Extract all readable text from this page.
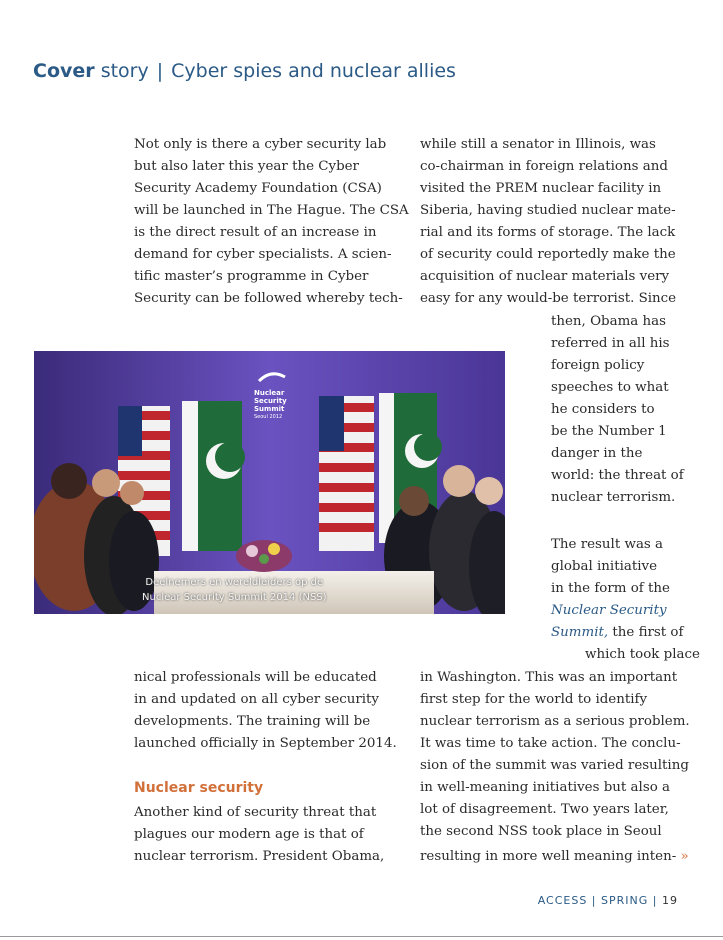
Cover story | Cyber spies and nuclear allies
Not only is there a cyber security lab
but also later this year the Cyber
Security Academy Foundation (CSA)
will be launched in The Hague. The CSA
is the direct result of an increase in
demand for cyber specialists. A scien-
tific master’s programme in Cyber
Security can be followed whereby tech-
while still a senator in Illinois, was
co-chairman in foreign relations and
visited the PREM nuclear facility in
Siberia, having studied nuclear mate-
rial and its forms of storage. The lack
of security could reportedly make the
acquisition of nuclear materials very
easy for any would-be terrorist. Since
then, Obama has
referred in all his
foreign policy
speeches to what
he considers to
be the Number 1
danger in the
world: the threat of
nuclear terrorism.
The result was a
global initiative
in the form of the
Nuclear Security
Summit, the first of
which took place
Nuclear
Security
Summit
Seoul 2012
Deelnemers en wereldleiders op de
Nuclear Security Summit 2014 (NSS)
nical professionals will be educated
in and updated on all cyber security
developments. The training will be
launched officially in September 2014.
Nuclear security
Another kind of security threat that
plagues our modern age is that of
nuclear terrorism. President Obama,
in Washington. This was an important
first step for the world to identify
nuclear terrorism as a serious problem.
It was time to take action. The conclu-
sion of the summit was varied resulting
in well-meaning initiatives but also a
lot of disagreement. Two years later,
the second NSS took place in Seoul
resulting in more well meaning inten- »
ACCESS | SPRING | 19
